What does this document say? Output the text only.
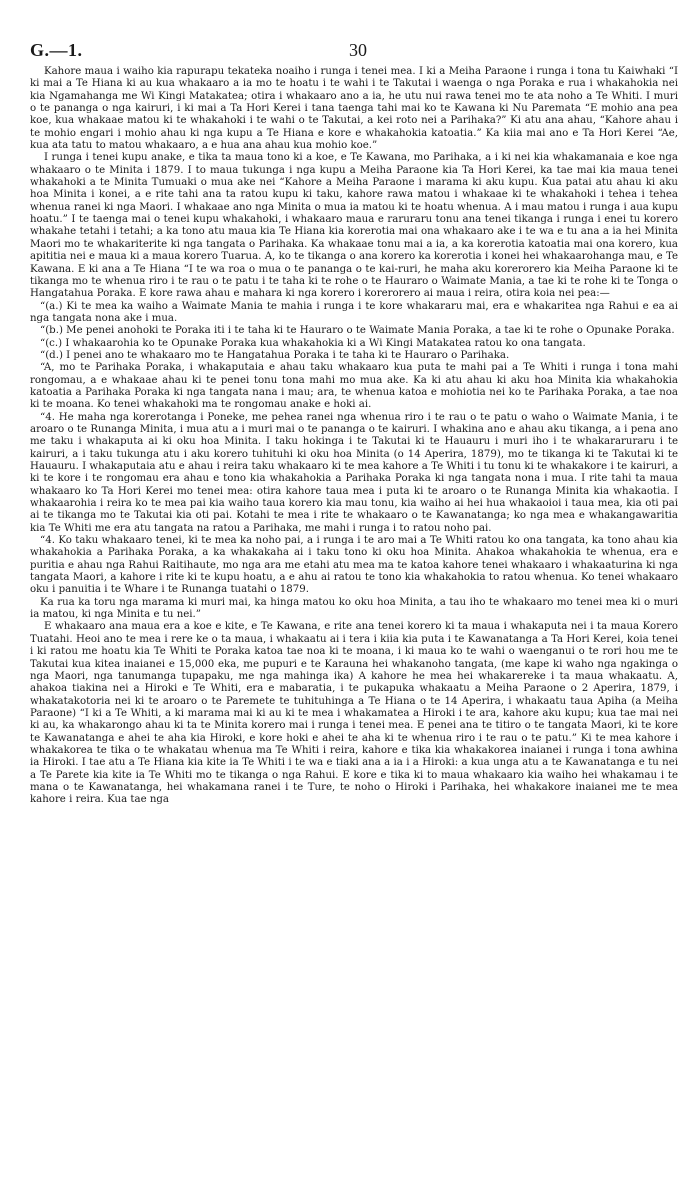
G.—1.	30

Kahore maua i waiho kia rapurapu tekateka noaiho i runga i tenei mea. I ki a Meiha Paraone i runga i tona tu Kaiwhaki “I ki mai a Te Hiana ki au kua whakaaro a ia mo te hoatu i te wahi i te Takutai i waenga o nga Poraka e rua i whakahokia nei kia Ngamahanga me Wi Kingi Matakatea; otira i whakaaro ano a ia, he utu nui rawa tenei mo te ata noho a Te Whiti. I muri o te pananga o nga kairuri, i ki mai a Ta Hori Kerei i tana taenga tahi mai ko te Kawana ki Nu Paremata “E mohio ana pea koe, kua whakaae matou ki te whakahoki i te wahi o te Takutai, a kei roto nei a Parihaka?” Ki atu ana ahau, “Kahore ahau i te mohio engari i mohio ahau ki nga kupu a Te Hiana e kore e whakahokia katoatia.” Ka kiia mai ano e Ta Hori Kerei “Ae, kua ata tatu to matou whakaaro, a e hua ana ahau kua mohio koe.”

I runga i tenei kupu anake, e tika ta maua tono ki a koe, e Te Kawana, mo Parihaka, a i ki nei kia whakamanaia e koe nga whakaaro o te Minita i 1879. I to maua tukunga i nga kupu a Meiha Paraone kia Ta Hori Kerei, ka tae mai kia maua tenei whakahoki a te Minita Tumuaki o mua ake nei “Kahore a Meiha Paraone i marama ki aku kupu. Kua patai atu ahau ki aku hoa Minita i konei, a e rite tahi ana ta ratou kupu ki taku, kahore rawa matou i whakaae ki te whakahoki i tehea i tehea whenua ranei ki nga Maori. I whakaae ano nga Minita o mua ia matou ki te hoatu whenua. A i mau matou i runga i aua kupu hoatu.” I te taenga mai o tenei kupu whakahoki, i whakaaro maua e raruraru tonu ana tenei tikanga i runga i enei tu korero whakahe tetahi i tetahi; a ka tono atu maua kia Te Hiana kia korerotia mai ona whakaaro ake i te wa e tu ana a ia hei Minita Maori mo te whakariterite ki nga tangata o Parihaka. Ka whakaae tonu mai a ia, a ka korerotia katoatia mai ona korero, kua apititia nei e maua ki a maua korero Tuarua. A, ko te tikanga o ana korero ka korerotia i konei hei whakaarohanga mau, e Te Kawana. E ki ana a Te Hiana “I te wa roa o mua o te pananga o te kai-ruri, he maha aku korerorero kia Meiha Paraone ki te tikanga mo te whenua riro i te rau o te patu i te taha ki te rohe o te Hauraro o Waimate Mania, a tae ki te rohe ki te Tonga o Hangatahua Poraka. E kore rawa ahau e mahara ki nga korero i korerorero ai maua i reira, otira koia nei pea:—

“(a.) Ki te mea ka waiho a Waimate Mania te mahia i runga i te kore whakararu mai, era e whakaritea nga Rahui e ea ai nga tangata nona ake i mua.

“(b.) Me penei anohoki te Poraka iti i te taha ki te Hauraro o te Waimate Mania Poraka, a tae ki te rohe o Opunake Poraka.

“(c.) I whakaarohia ko te Opunake Poraka kua whakahokia ki a Wi Kingi Matakatea ratou ko ona tangata.

“(d.) I penei ano te whakaaro mo te Hangatahua Poraka i te taha ki te Hauraro o Parihaka.

“A, mo te Parihaka Poraka, i whakaputaia e ahau taku whakaaro kua puta te mahi pai a Te Whiti i runga i tona mahi rongomau, a e whakaae ahau ki te penei tonu tona mahi mo mua ake. Ka ki atu ahau ki aku hoa Minita kia whakahokia katoatia a Parihaka Poraka ki nga tangata nana i mau; ara, te whenua katoa e mohiotia nei ko te Parihaka Poraka, a tae noa ki te moana. Ko tenei whakahoki ma te rongomau anake e hoki ai.

“4. He maha nga korerotanga i Poneke, me pehea ranei nga whenua riro i te rau o te patu o waho o Waimate Mania, i te aroaro o te Runanga Minita, i mua atu a i muri mai o te pananga o te kairuri. I whakina ano e ahau aku tikanga, a i pena ano me taku i whakaputa ai ki oku hoa Minita. I taku hokinga i te Takutai ki te Hauauru i muri iho i te whakararuraru i te kairuri, a i taku tukunga atu i aku korero tuhituhi ki oku hoa Minita (o 14 Aperira, 1879), mo te tikanga ki te Takutai ki te Hauauru. I whakaputaia atu e ahau i reira taku whakaaro ki te mea kahore a Te Whiti i tu tonu ki te whakakore i te kairuri, a ki te kore i te rongomau era ahau e tono kia whakahokia a Parihaka Poraka ki nga tangata nona i mua. I rite tahi ta maua whakaaro ko Ta Hori Kerei mo tenei mea: otira kahore taua mea i puta ki te aroaro o te Runanga Minita kia whakaotia. I whakaarohia i reira ko te mea pai kia waiho taua korero kia mau tonu, kia waiho ai hei hua whakaoioi i taua mea, kia oti pai ai te tikanga mo te Takutai kia oti pai. Kotahi te mea i rite te whakaaro o te Kawanatanga; ko nga mea e whakangawaritia kia Te Whiti me era atu tangata na ratou a Parihaka, me mahi i runga i to ratou noho pai.

“4. Ko taku whakaaro tenei, ki te mea ka noho pai, a i runga i te aro mai a Te Whiti ratou ko ona tangata, ka tono ahau kia whakahokia a Parihaka Poraka, a ka whakakaha ai i taku tono ki oku hoa Minita. Ahakoa whakahokia te whenua, era e puritia e ahau nga Rahui Raitihaute, mo nga ara me etahi atu mea ma te katoa kahore tenei whakaaro i whakaaturina ki nga tangata Maori, a kahore i rite ki te kupu hoatu, a e ahu ai ratou te tono kia whakahokia to ratou whenua. Ko tenei whakaaro oku i panuitia i te Whare i te Runanga tuatahi o 1879.

Ka rua ka toru nga marama ki muri mai, ka hinga matou ko oku hoa Minita, a tau iho te whakaaro mo tenei mea ki o muri ia matou, ki nga Minita e tu nei.”

E whakaaro ana maua era a koe e kite, e Te Kawana, e rite ana tenei korero ki ta maua i whakaputa nei i ta maua Korero Tuatahi. Heoi ano te mea i rere ke o ta maua, i whakaatu ai i tera i kiia kia puta i te Kawanatanga a Ta Hori Kerei, koia tenei i ki ratou me hoatu kia Te Whiti te Poraka katoa tae noa ki te moana, i ki maua ko te wahi o waenganui o te rori hou me te Takutai kua kitea inaianei e 15,000 eka, me pupuri e te Karauna hei whakanoho tangata, (me kape ki waho nga ngakinga o nga Maori, nga tanumanga tupapaku, me nga mahinga ika) A kahore he mea hei whakarereke i ta maua whakaatu. A, ahakoa tiakina nei a Hiroki e Te Whiti, era e mabaratia, i te pukapuka whakaatu a Meiha Paraone o 2 Aperira, 1879, i whakatakotoria nei ki te aroaro o te Paremete te tuhituhinga a Te Hiana o te 14 Aperira, i whakaatu taua Apiha (a Meiha Paraone) “I ki a Te Whiti, a ki marama mai ki au ki te mea i whakamatea a Hiroki i te ara, kahore aku kupu; kua tae mai nei ki au, ka whakarongo ahau ki ta te Minita korero mai i runga i tenei mea. E penei ana te titiro o te tangata Maori, ki te kore te Kawanatanga e ahei te aha kia Hiroki, e kore hoki e ahei te aha ki te whenua riro i te rau o te patu.” Ki te mea kahore i whakakorea te tika o te whakatau whenua ma Te Whiti i reira, kahore e tika kia whakakorea inaianei i runga i tona awhina ia Hiroki. I tae atu a Te Hiana kia kite ia Te Whiti i te wa e tiaki ana a ia i a Hiroki: a kua unga atu a te Kawanatanga e tu nei a Te Parete kia kite ia Te Whiti mo te tikanga o nga Rahui. E kore e tika ki to maua whakaaro kia waiho hei whakamau i te mana o te Kawanatanga, hei whakamana ranei i te Ture, te noho o Hiroki i Parihaka, hei whakakore inaianei me te mea kahore i reira. Kua tae nga
